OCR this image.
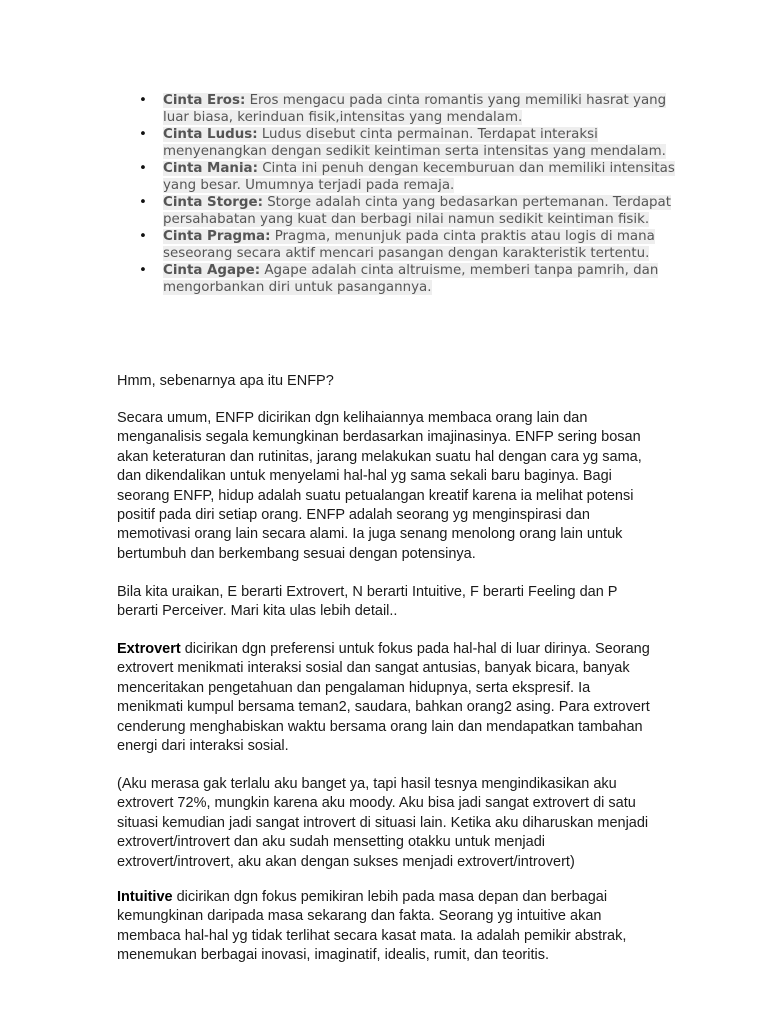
• Cinta Eros: Eros mengacu pada cinta romantis yang memiliki hasrat yang luar biasa, kerinduan fisik,intensitas yang mendalam.
• Cinta Ludus: Ludus disebut cinta permainan. Terdapat interaksi menyenangkan dengan sedikit keintiman serta intensitas yang mendalam.
• Cinta Mania: Cinta ini penuh dengan kecemburuan dan memiliki intensitas yang besar. Umumnya terjadi pada remaja.
• Cinta Storge: Storge adalah cinta yang bedasarkan pertemanan. Terdapat persahabatan yang kuat dan berbagi nilai namun sedikit keintiman fisik.
• Cinta Pragma: Pragma, menunjuk pada cinta praktis atau logis di mana seseorang secara aktif mencari pasangan dengan karakteristik tertentu.
• Cinta Agape: Agape adalah cinta altruisme, memberi tanpa pamrih, dan mengorbankan diri untuk pasangannya.

Hmm, sebenarnya apa itu ENFP?

Secara umum, ENFP dicirikan dgn kelihaiannya membaca orang lain dan menganalisis segala kemungkinan berdasarkan imajinasinya. ENFP sering bosan akan keteraturan dan rutinitas, jarang melakukan suatu hal dengan cara yg sama, dan dikendalikan untuk menyelami hal-hal yg sama sekali baru baginya. Bagi seorang ENFP, hidup adalah suatu petualangan kreatif karena ia melihat potensi positif pada diri setiap orang. ENFP adalah seorang yg menginspirasi dan memotivasi orang lain secara alami. Ia juga senang menolong orang lain untuk bertumbuh dan berkembang sesuai dengan potensinya.

Bila kita uraikan, E berarti Extrovert, N berarti Intuitive, F berarti Feeling dan P berarti Perceiver. Mari kita ulas lebih detail..

Extrovert dicirikan dgn preferensi untuk fokus pada hal-hal di luar dirinya. Seorang extrovert menikmati interaksi sosial dan sangat antusias, banyak bicara, banyak menceritakan pengetahuan dan pengalaman hidupnya, serta ekspresif. Ia menikmati kumpul bersama teman2, saudara, bahkan orang2 asing. Para extrovert cenderung menghabiskan waktu bersama orang lain dan mendapatkan tambahan energi dari interaksi sosial.

(Aku merasa gak terlalu aku banget ya, tapi hasil tesnya mengindikasikan aku extrovert 72%, mungkin karena aku moody. Aku bisa jadi sangat extrovert di satu situasi kemudian jadi sangat introvert di situasi lain. Ketika aku diharuskan menjadi extrovert/introvert dan aku sudah mensetting otakku untuk menjadi extrovert/introvert, aku akan dengan sukses menjadi extrovert/introvert)

Intuitive dicirikan dgn fokus pemikiran lebih pada masa depan dan berbagai kemungkinan daripada masa sekarang dan fakta. Seorang yg intuitive akan membaca hal-hal yg tidak terlihat secara kasat mata. Ia adalah pemikir abstrak, menemukan berbagai inovasi, imaginatif, idealis, rumit, dan teoritis.
